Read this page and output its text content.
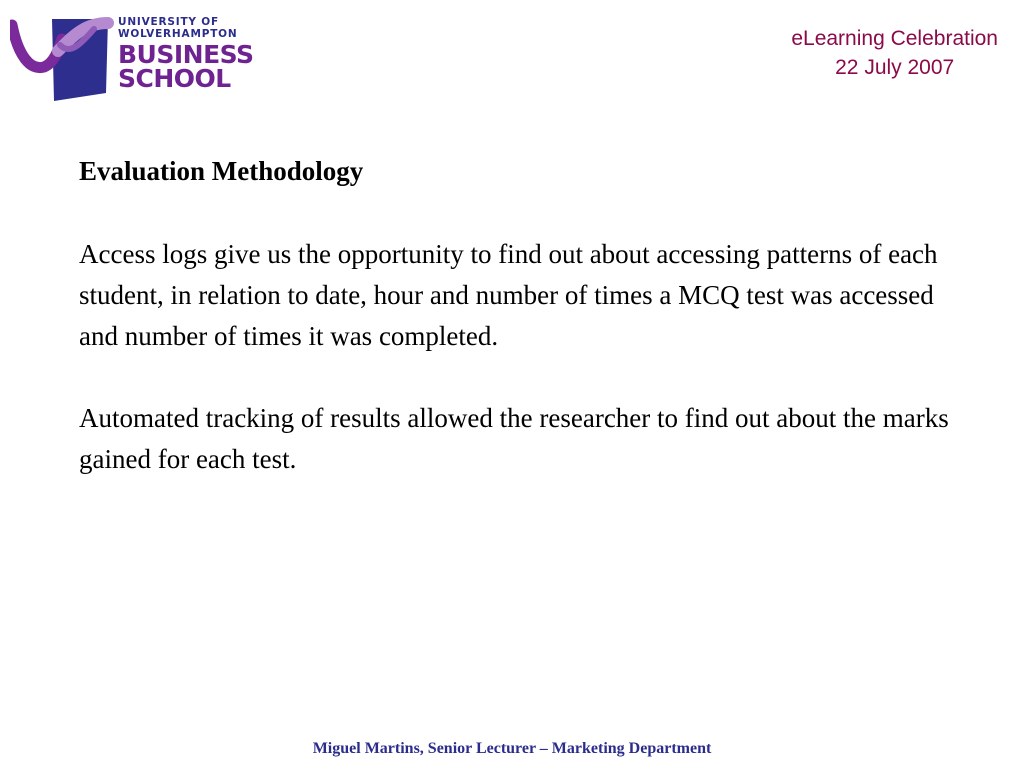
UNIVERSITY OF
WOLVERHAMPTON
BUSINESS
SCHOOL
eLearning Celebration
22 July 2007
Evaluation Methodology

Access logs give us the opportunity to find out about accessing patterns of each student, in relation to date, hour and number of times a MCQ test was accessed and number of times it was completed.

Automated tracking of results allowed the researcher to find out about the marks gained for each test.

Miguel Martins, Senior Lecturer – Marketing Department
